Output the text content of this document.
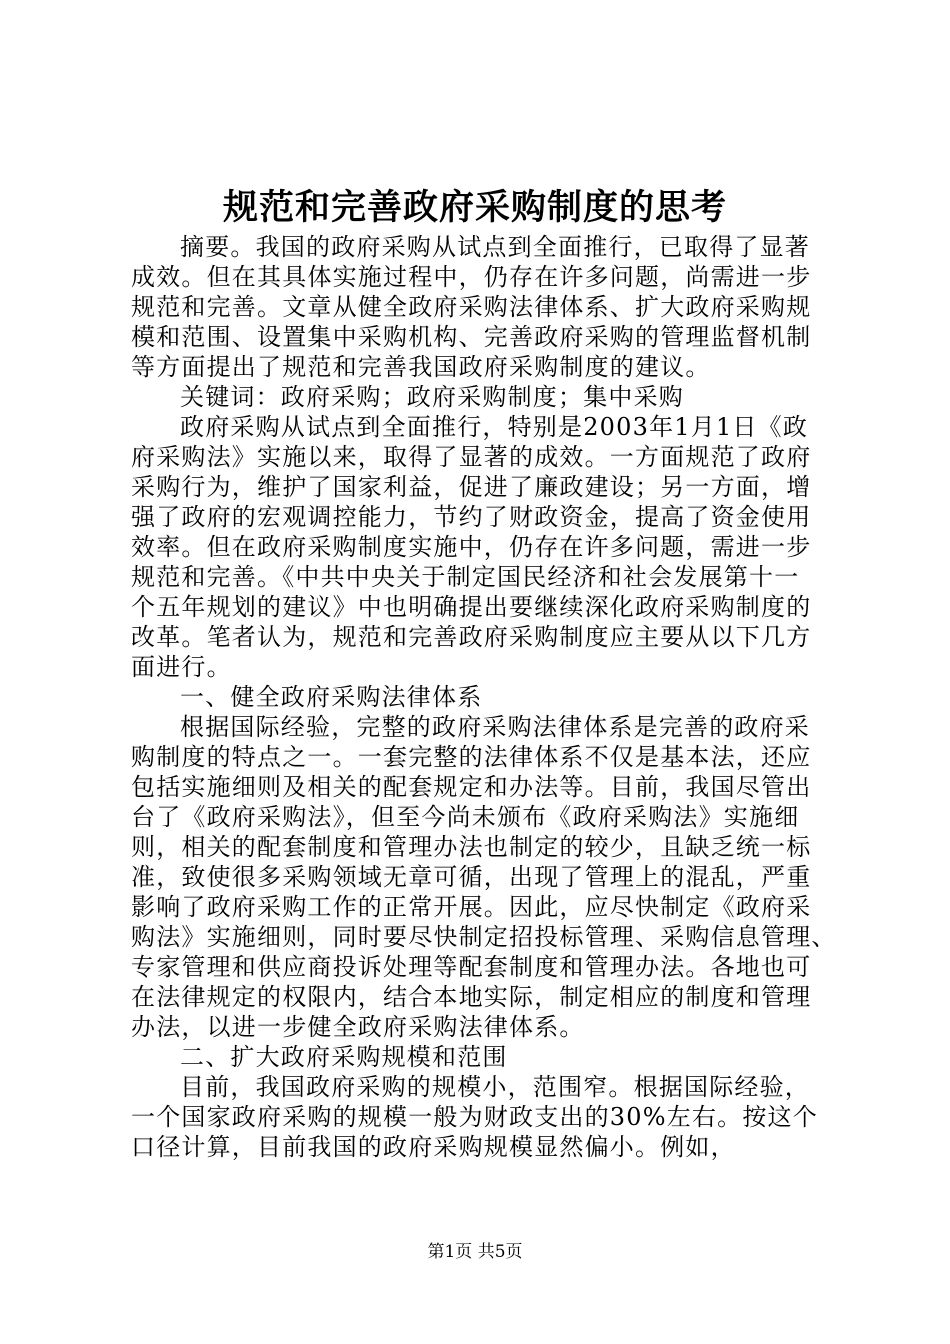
规范和完善政府采购制度的思考

摘要。我国的政府采购从试点到全面推行，已取得了显著

成效。但在其具体实施过程中，仍存在许多问题，尚需进一步

规范和完善。文章从健全政府采购法律体系、扩大政府采购规

模和范围、设置集中采购机构、完善政府采购的管理监督机制

等方面提出了规范和完善我国政府采购制度的建议。

关键词：政府采购；政府采购制度；集中采购

政府采购从试点到全面推行，特别是2003年1月1日《政

府采购法》实施以来，取得了显著的成效。一方面规范了政府

采购行为，维护了国家利益，促进了廉政建设；另一方面，增

强了政府的宏观调控能力，节约了财政资金，提高了资金使用

效率。但在政府采购制度实施中，仍存在许多问题，需进一步

规范和完善。《中共中央关于制定国民经济和社会发展第十一

个五年规划的建议》中也明确提出要继续深化政府采购制度的

改革。笔者认为，规范和完善政府采购制度应主要从以下几方

面进行。

一、健全政府采购法律体系

根据国际经验，完整的政府采购法律体系是完善的政府采

购制度的特点之一。一套完整的法律体系不仅是基本法，还应

包括实施细则及相关的配套规定和办法等。目前，我国尽管出

台了《政府采购法》，但至今尚未颁布《政府采购法》实施细

则，相关的配套制度和管理办法也制定的较少，且缺乏统一标

准，致使很多采购领域无章可循，出现了管理上的混乱，严重

影响了政府采购工作的正常开展。因此，应尽快制定《政府采

购法》实施细则，同时要尽快制定招投标管理、采购信息管理、

专家管理和供应商投诉处理等配套制度和管理办法。各地也可

在法律规定的权限内，结合本地实际，制定相应的制度和管理

办法，以进一步健全政府采购法律体系。

二、扩大政府采购规模和范围

目前，我国政府采购的规模小，范围窄。根据国际经验，

一个国家政府采购的规模一般为财政支出的30%左右。按这个

口径计算，目前我国的政府采购规模显然偏小。例如，

第1页 共5页
